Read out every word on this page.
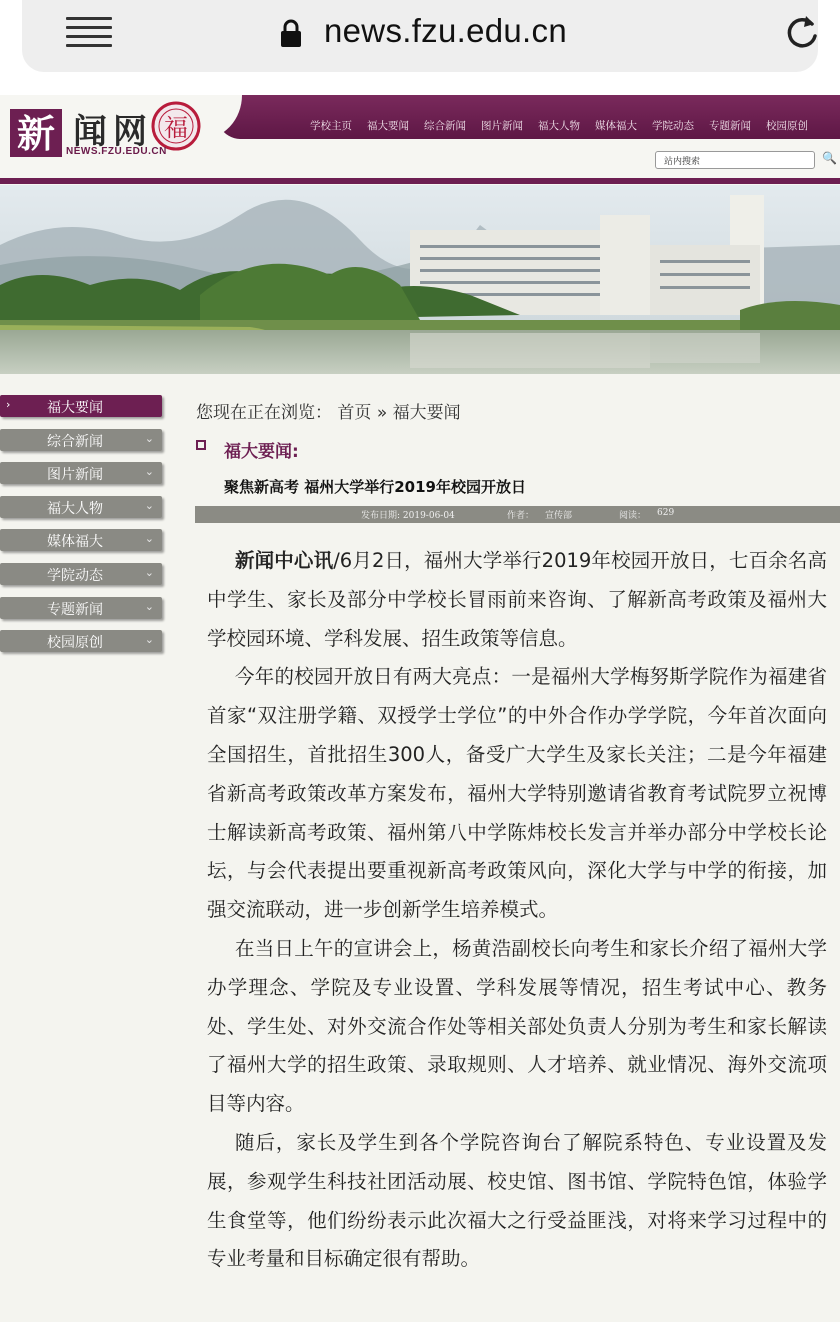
news.fzu.edu.cn
新 闻 网 福
NEWS.FZU.EDU.CN
学校主页 福大要闻 综合新闻 图片新闻 福大人物 媒体福大 学院动态 专题新闻 校园原创
站内搜索	🔍
›	福大要闻
综合新闻	⌄
图片新闻	⌄
福大人物	⌄
媒体福大	⌄
学院动态	⌄
专题新闻	⌄
校园原创	⌄
您现在正在浏览： 首页 » 福大要闻
福大要闻:
聚焦新高考 福州大学举行2019年校园开放日
发布日期: 2019-06-04	作者： 宣传部	阅读： 629

新闻中心讯/6月2日，福州大学举行2019年校园开放日，七百余名高中学生、家长及部分中学校长冒雨前来咨询、了解新高考政策及福州大学校园环境、学科发展、招生政策等信息。

今年的校园开放日有两大亮点：一是福州大学梅努斯学院作为福建省首家“双注册学籍、双授学士学位”的中外合作办学学院，今年首次面向全国招生，首批招生300人，备受广大学生及家长关注；二是今年福建省新高考政策改革方案发布，福州大学特别邀请省教育考试院罗立祝博士解读新高考政策、福州第八中学陈炜校长发言并举办部分中学校长论坛，与会代表提出要重视新高考政策风向，深化大学与中学的衔接，加强交流联动，进一步创新学生培养模式。

在当日上午的宣讲会上，杨黄浩副校长向考生和家长介绍了福州大学办学理念、学院及专业设置、学科发展等情况，招生考试中心、教务处、学生处、对外交流合作处等相关部处负责人分别为考生和家长解读了福州大学的招生政策、录取规则、人才培养、就业情况、海外交流项目等内容。

随后，家长及学生到各个学院咨询台了解院系特色、专业设置及发展，参观学生科技社团活动展、校史馆、图书馆、学院特色馆，体验学生食堂等，他们纷纷表示此次福大之行受益匪浅，对将来学习过程中的专业考量和目标确定很有帮助。
